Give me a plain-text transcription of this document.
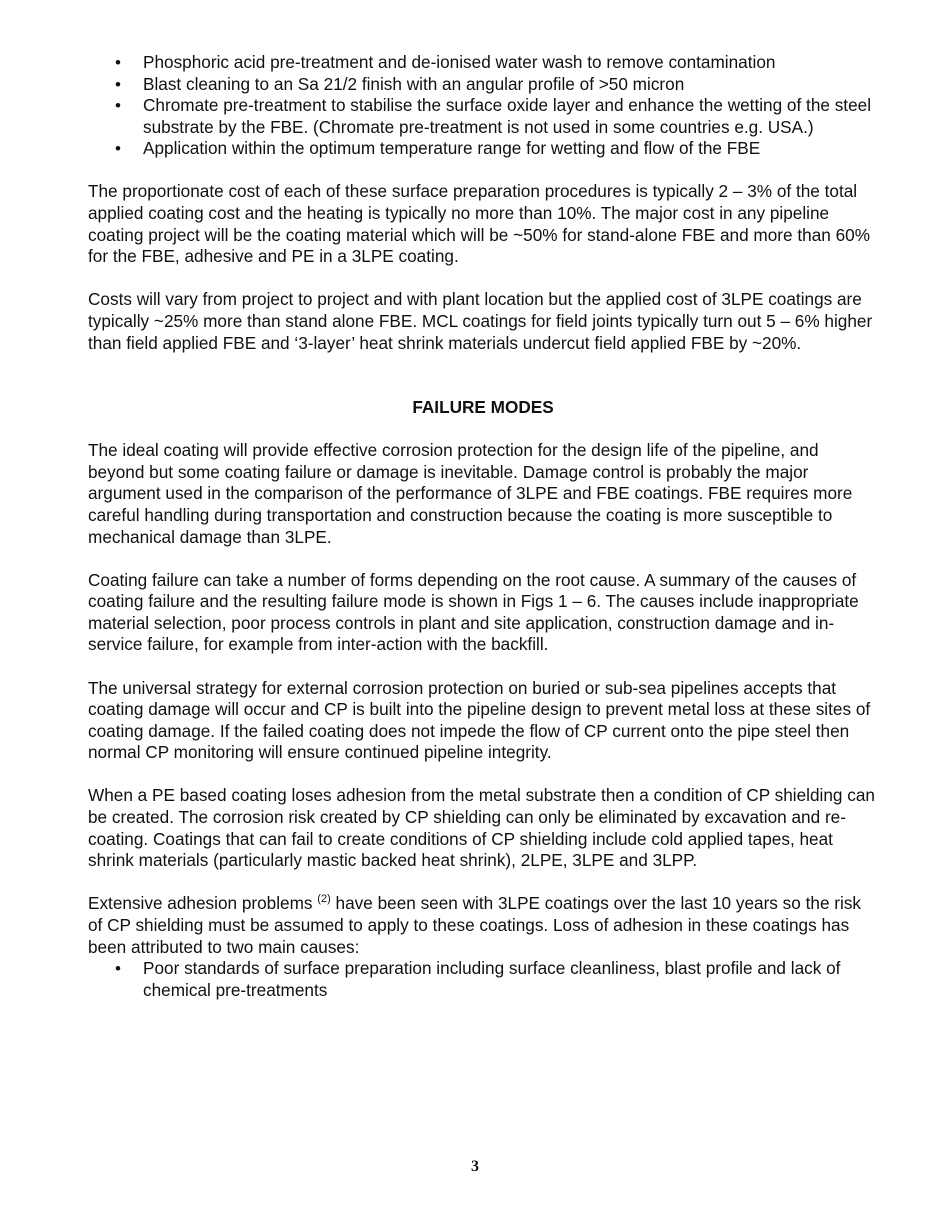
• Phosphoric acid pre-treatment and de-ionised water wash to remove contamination
• Blast cleaning to an Sa 21/2 finish with an angular profile of >50 micron
• Chromate pre-treatment to stabilise the surface oxide layer and enhance the wetting of the steel substrate by the FBE. (Chromate pre-treatment is not used in some countries e.g. USA.)
• Application within the optimum temperature range for wetting and flow of the FBE

The proportionate cost of each of these surface preparation procedures is typically 2 – 3% of the total applied coating cost and the heating is typically no more than 10%. The major cost in any pipeline coating project will be the coating material which will be ~50% for stand-alone FBE and more than 60% for the FBE, adhesive and PE in a 3LPE coating.

Costs will vary from project to project and with plant location but the applied cost of 3LPE coatings are typically ~25% more than stand alone FBE. MCL coatings for field joints typically turn out 5 – 6% higher than field applied FBE and ‘3-layer’ heat shrink materials undercut field applied FBE by ~20%.

FAILURE MODES

The ideal coating will provide effective corrosion protection for the design life of the pipeline, and beyond but some coating failure or damage is inevitable. Damage control is probably the major argument used in the comparison of the performance of 3LPE and FBE coatings. FBE requires more careful handling during transportation and construction because the coating is more susceptible to mechanical damage than 3LPE.

Coating failure can take a number of forms depending on the root cause. A summary of the causes of coating failure and the resulting failure mode is shown in Figs 1 – 6. The causes include inappropriate material selection, poor process controls in plant and site application, construction damage and in-service failure, for example from inter-action with the backfill.

The universal strategy for external corrosion protection on buried or sub-sea pipelines accepts that coating damage will occur and CP is built into the pipeline design to prevent metal loss at these sites of coating damage. If the failed coating does not impede the flow of CP current onto the pipe steel then normal CP monitoring will ensure continued pipeline integrity.

When a PE based coating loses adhesion from the metal substrate then a condition of CP shielding can be created. The corrosion risk created by CP shielding can only be eliminated by excavation and re-coating. Coatings that can fail to create conditions of CP shielding include cold applied tapes, heat shrink materials (particularly mastic backed heat shrink), 2LPE, 3LPE and 3LPP.

Extensive adhesion problems $^{(2)}$ have been seen with 3LPE coatings over the last 10 years so the risk of CP shielding must be assumed to apply to these coatings. Loss of adhesion in these coatings has been attributed to two main causes:

• Poor standards of surface preparation including surface cleanliness, blast profile and lack of chemical pre-treatments
3
